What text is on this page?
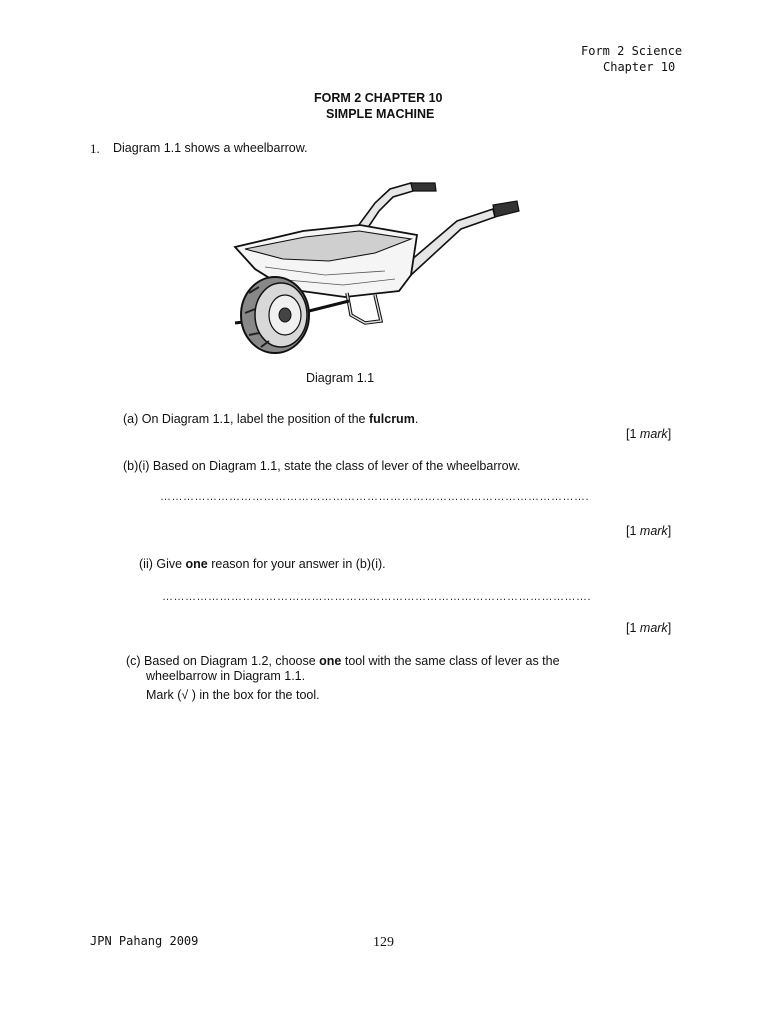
Form 2 Science
Chapter 10
FORM 2 CHAPTER 10
SIMPLE MACHINE
1. Diagram 1.1 shows a wheelbarrow.
Diagram 1.1
(a) On Diagram 1.1, label the position of the fulcrum.
[1 mark]
(b)(i) Based on Diagram 1.1, state the class of lever of the wheelbarrow.
………………………………………………………………………………………………….
[1 mark]
(ii) Give one reason for your answer in (b)(i).
………………………………………………………………………………………………….
[1 mark]
(c) Based on Diagram 1.2, choose one tool with the same class of lever as the
wheelbarrow in Diagram 1.1.
Mark (√ ) in the box for the tool.
JPN Pahang 2009	129
